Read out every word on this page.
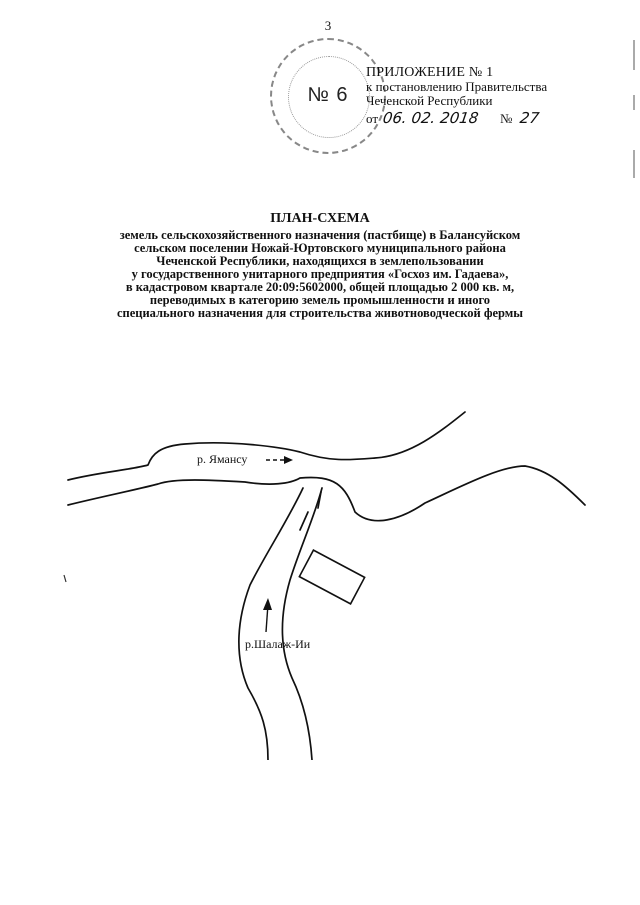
3
№ 6
ПРИЛОЖЕНИЕ № 1
к постановлению Правительства
Чеченской Республики
от 06. 02. 2018 № 27
ПЛАН-СХЕМА
земель сельскохозяйственного назначения (пастбище) в Балансуйском
сельском поселении Ножай-Юртовского муниципального района
Чеченской Республики, находящихся в землепользовании
у государственного унитарного предприятия «Госхоз им. Гадаева»,
в кадастровом квартале 20:09:5602000, общей площадью 2 000 кв. м,
переводимых в категорию земель промышленности и иного
специального назначения для строительства животноводческой фермы
р. Ямансу
р.Шалаж-Ии
